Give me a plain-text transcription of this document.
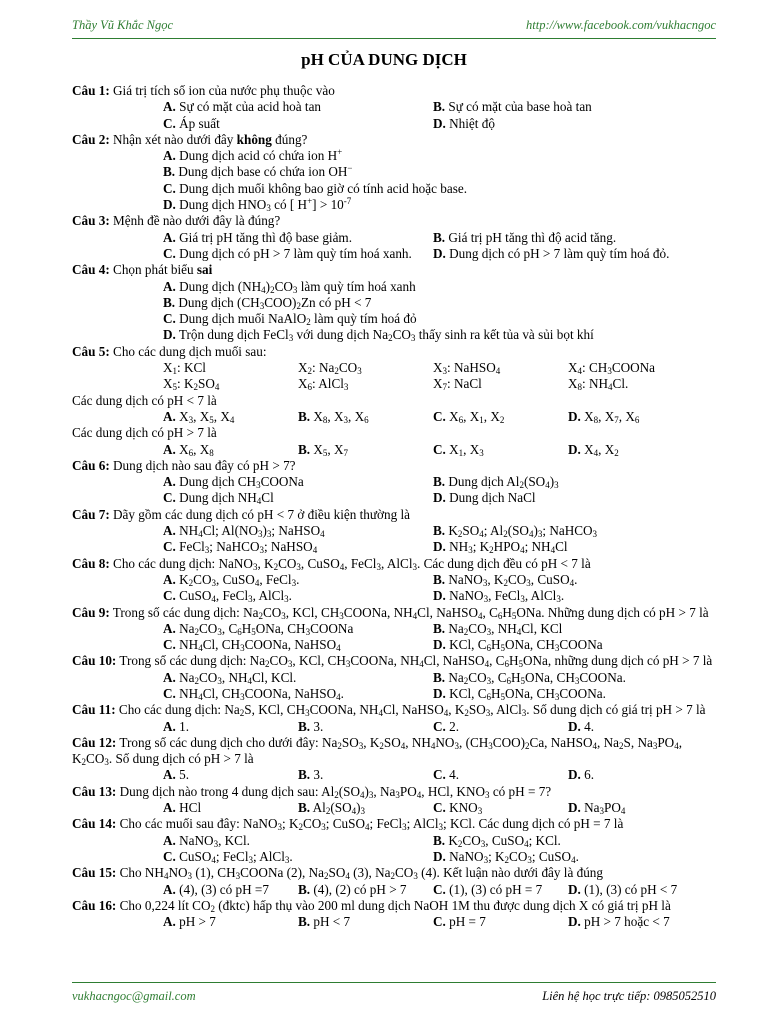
Thầy Vũ Khắc Ngọc	http://www.facebook.com/vukhacngoc
pH CỦA DUNG DỊCH

Câu 1: Giá trị tích số ion của nước phụ thuộc vào

A. Sự có mặt của acid hoà tan	B. Sự có mặt của base hoà tan
C. Áp suất	D. Nhiệt độ

Câu 2: Nhận xét nào dưới đây không đúng?

A. Dung dịch acid có chứa ion H+
B. Dung dịch base có chứa ion OH−
C. Dung dịch muối không bao giờ có tính acid hoặc base.
D. Dung dịch $HNO_3$ có [ $H^+] > 10^{-7}$

Câu 3: Mệnh đề nào dưới đây là đúng?

A. Giá trị pH tăng thì độ base giảm.	B. Giá trị pH tăng thì độ acid tăng.
C. Dung dịch có pH > 7 làm quỳ tím hoá xanh.	D. Dung dịch có pH > 7 làm quỳ tím hoá đỏ.

Câu 4: Chọn phát biểu sai

A. Dung dịch $(NH_4)_2CO_3$ làm quỳ tím hoá xanh
B. Dung dịch $(CH_3COO)_2Zn$ có pH < 7
C. Dung dịch muối NaAlO$_2$ làm quỳ tím hoá đỏ
D. Trộn dung dịch FeCl$_3$ với dung dịch $Na_2CO_3$ thấy sinh ra kết tủa và sủi bọt khí

Câu 5: Cho các dung dịch muối sau:

$X_1$: KCl	$X_2$: $Na_2CO_3$	$X_3$: NaHSO$_4$	$X_4$: $CH_3COONa$
$X_5$: $K_2SO_4$	$X_6$: AlCl$_3$	$X_7$: NaCl	$X_8$: $NH_4Cl$.

Các dung dịch có pH < 7 là

A. $X_3$, $X_5$, $X_4$	B. $X_8$, $X_3$, $X_6$	C. $X_6$, $X_1$, $X_2$	D. $X_8$, $X_7$, $X_6$

Các dung dịch có pH > 7 là

A. $X_6$, $X_8$	B. $X_5$, $X_7$	C. $X_1$, $X_3$	D. $X_4$, $X_2$

Câu 6: Dung dịch nào sau đây có pH > 7?

A. Dung dịch $CH_3COONa$	B. Dung dịch $Al_2(SO_4)_3$
C. Dung dịch $NH_4Cl$	D. Dung dịch NaCl

Câu 7: Dãy gồm các dung dịch có pH < 7 ở điều kiện thường là

A. $NH_4Cl$; $Al(NO_3)_3$; NaHSO$_4$	B. $K_2SO_4$; $Al_2(SO_4)_3$; NaHCO$_3$
C. FeCl$_3$; NaHCO$_3$; NaHSO$_4$	D. $NH_3$; $K_2HPO_4$; $NH_4Cl$

Câu 8: Cho các dung dịch: NaNO$_3$, $K_2CO_3$, CuSO$_4$, FeCl$_3$, AlCl$_3$. Các dung dịch đều có pH < 7 là

A. $K_2CO_3$, CuSO$_4$, FeCl$_3$.	B. NaNO$_3$, $K_2CO_3$, CuSO$_4$.
C. CuSO$_4$, FeCl$_3$, AlCl$_3$.	D. NaNO$_3$, FeCl$_3$, AlCl$_3$.

Câu 9: Trong số các dung dịch: $Na_2CO_3$, KCl, $CH_3COONa$, $NH_4Cl$, NaHSO$_4$, $C_6H_5ONa$. Những dung dịch có pH > 7 là

A. $Na_2CO_3$, $C_6H_5ONa$, $CH_3COONa$	B. $Na_2CO_3$, $NH_4Cl$, KCl
C. $NH_4Cl$, $CH_3COONa$, NaHSO$_4$	D. KCl, $C_6H_5ONa$, $CH_3COONa$

Câu 10: Trong số các dung dịch: $Na_2CO_3$, KCl, $CH_3COONa$, $NH_4Cl$, NaHSO$_4$, $C_6H_5ONa$, những dung dịch có pH > 7 là

A. $Na_2CO_3$, $NH_4Cl$, KCl.	B. $Na_2CO_3$, $C_6H_5ONa$, $CH_3COONa$.
C. $NH_4Cl$, $CH_3COONa$, NaHSO$_4$.	D. KCl, $C_6H_5ONa$, $CH_3COONa$.

Câu 11: Cho các dung dịch: $Na_2S$, KCl, $CH_3COONa$, $NH_4Cl$, NaHSO$_4$, $K_2SO_3$, AlCl$_3$. Số dung dịch có giá trị pH > 7 là

A. 1.	B. 3.	C. 2.	D. 4.

Câu 12: Trong số các dung dịch cho dưới đây: $Na_2SO_3$, $K_2SO_4$, $NH_4NO_3$, $(CH_3COO)_2Ca$, NaHSO$_4$, $Na_2S$, $Na_3PO_4$, $K_2CO_3$. Số dung dịch có pH > 7 là

A. 5.	B. 3.	C. 4.	D. 6.

Câu 13: Dung dịch nào trong 4 dung dịch sau: $Al_2(SO_4)_3$, $Na_3PO_4$, HCl, $KNO_3$ có pH = 7?

A. HCl	B. $Al_2(SO_4)_3$	C. $KNO_3$	D. $Na_3PO_4$

Câu 14: Cho các muối sau đây: NaNO$_3$; $K_2CO_3$; CuSO$_4$; FeCl$_3$; AlCl$_3$; KCl. Các dung dịch có pH = 7 là

A. NaNO$_3$, KCl.	B. $K_2CO_3$, CuSO$_4$; KCl.
C. CuSO$_4$; FeCl$_3$; AlCl$_3$.	D. NaNO$_3$; $K_2CO_3$; CuSO$_4$.

Câu 15: Cho $NH_4NO_3$ (1), $CH_3COONa$ (2), $Na_2SO_4$ (3), $Na_2CO_3$ (4). Kết luận nào dưới đây là đúng

A. (4), (3) có pH =7	B. (4), (2) có pH > 7	C. (1), (3) có pH = 7	D. (1), (3) có pH < 7

Câu 16: Cho 0,224 lít $CO_2$ (đktc) hấp thụ vào 200 ml dung dịch NaOH 1M thu được dung dịch X có giá trị pH là

A. pH > 7	B. pH < 7	C. pH = 7	D. pH > 7 hoặc < 7
vukhacngoc@gmail.com	Liên hệ học trực tiếp: 0985052510
